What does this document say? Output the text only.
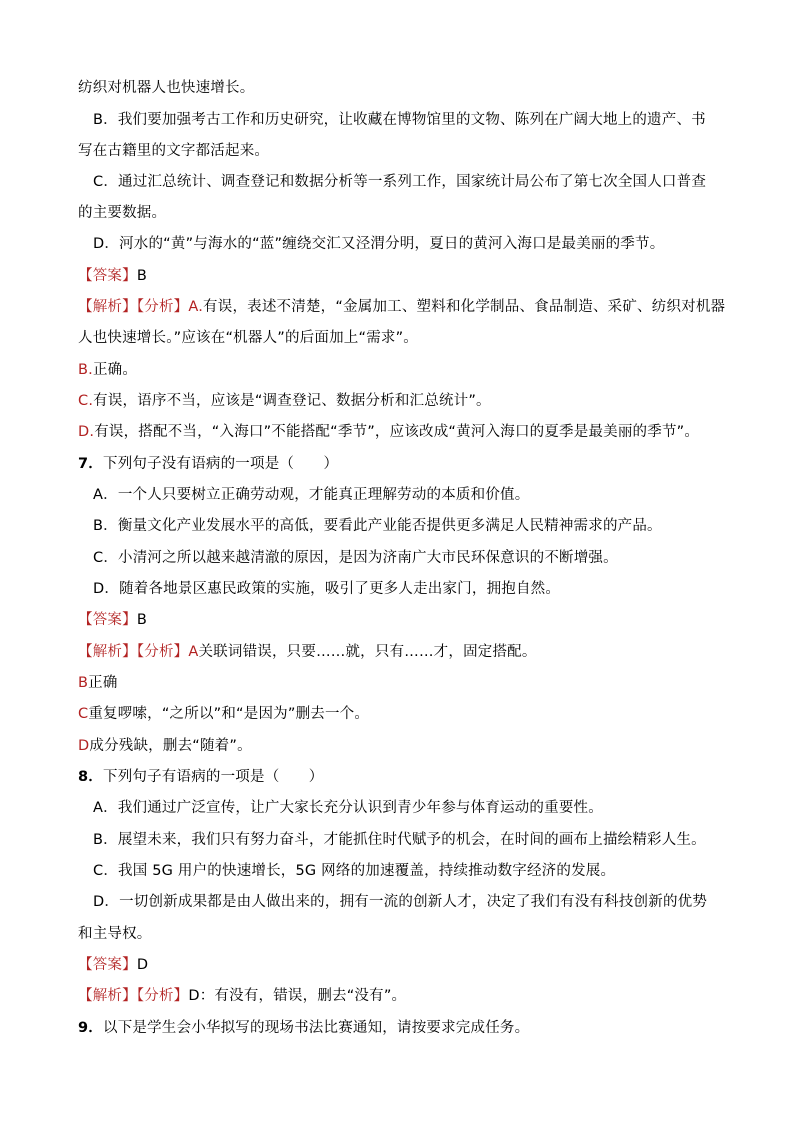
纺织对机器人也快速增长。
B．我们要加强考古工作和历史研究，让收藏在博物馆里的文物、陈列在广阔大地上的遗产、书
写在古籍里的文字都活起来。
C．通过汇总统计、调查登记和数据分析等一系列工作，国家统计局公布了第七次全国人口普查
的主要数据。
D．河水的“黄”与海水的“蓝”缠绕交汇又泾渭分明，夏日的黄河入海口是最美丽的季节。
【答案】B
【解析】【分析】A.有误，表述不清楚，“金属加工、塑料和化学制品、食品制造、采矿、纺织对机器
人也快速增长。”应该在“机器人”的后面加上“需求”。
B.正确。
C.有误，语序不当，应该是“调查登记、数据分析和汇总统计”。
D.有误，搭配不当，“入海口”不能搭配“季节”，应该改成“黄河入海口的夏季是最美丽的季节”。
7．下列句子没有语病的一项是（　　）
A．一个人只要树立正确劳动观，才能真正理解劳动的本质和价值。
B．衡量文化产业发展水平的高低，要看此产业能否提供更多满足人民精神需求的产品。
C．小清河之所以越来越清澈的原因，是因为济南广大市民环保意识的不断增强。
D．随着各地景区惠民政策的实施，吸引了更多人走出家门，拥抱自然。
【答案】B
【解析】【分析】A关联词错误，只要……就，只有……才，固定搭配。
B正确
C重复啰嗦，“之所以”和“是因为”删去一个。
D成分残缺，删去“随着”。
8．下列句子有语病的一项是（　　）
A．我们通过广泛宣传，让广大家长充分认识到青少年参与体育运动的重要性。
B．展望未来，我们只有努力奋斗，才能抓住时代赋予的机会，在时间的画布上描绘精彩人生。
C．我国 5G 用户的快速增长，5G 网络的加速覆盖，持续推动数字经济的发展。
D．一切创新成果都是由人做出来的，拥有一流的创新人才，决定了我们有没有科技创新的优势
和主导权。
【答案】D
【解析】【分析】D：有没有，错误，删去“没有”。
9．以下是学生会小华拟写的现场书法比赛通知，请按要求完成任务。
